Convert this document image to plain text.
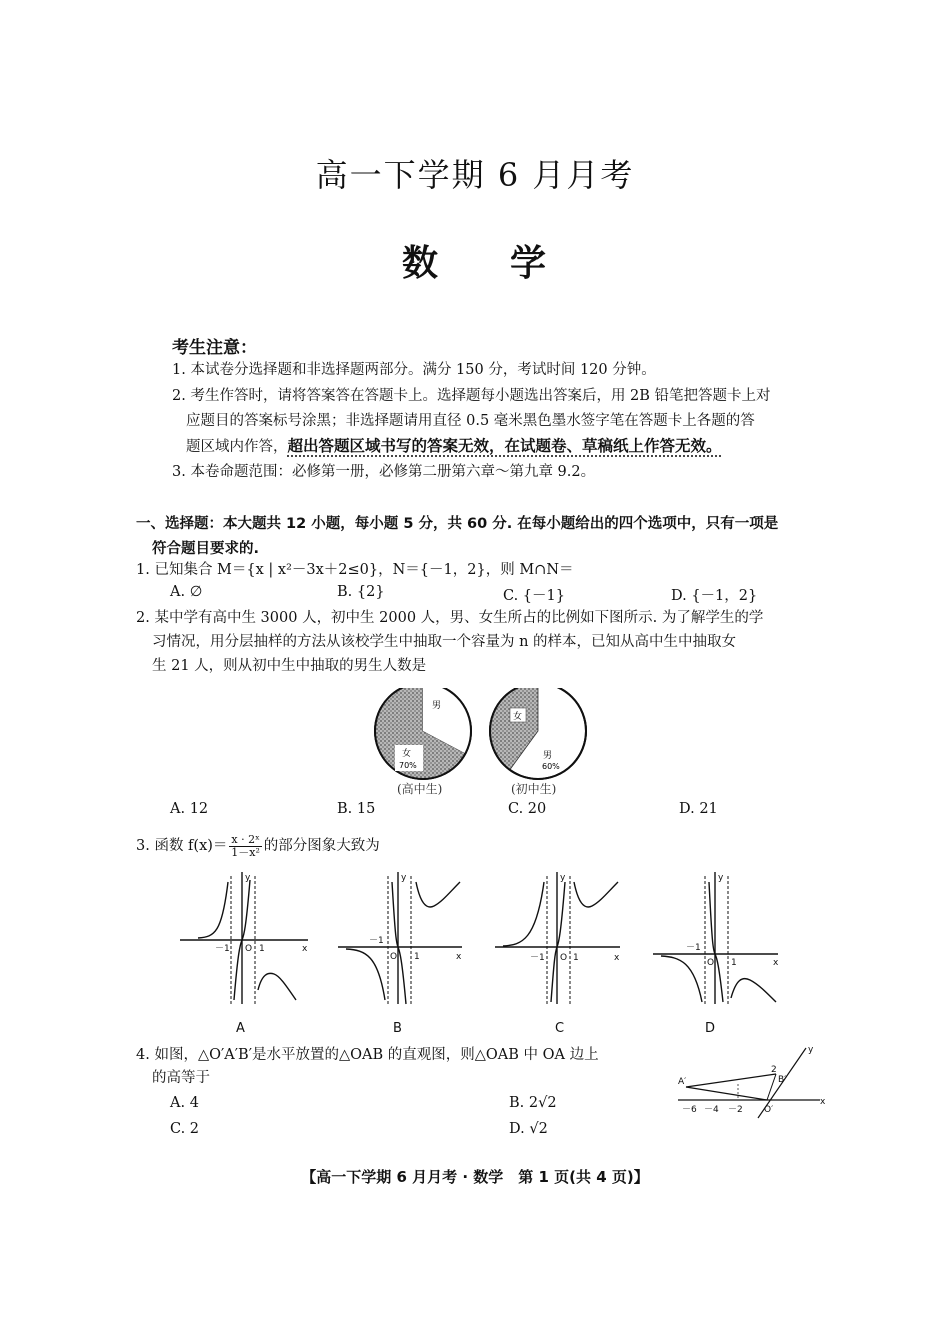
高一下学期 6 月月考
数 学
考生注意：
1. 本试卷分选择题和非选择题两部分。满分 150 分，考试时间 120 分钟。
2. 考生作答时，请将答案答在答题卡上。选择题每小题选出答案后，用 2B 铅笔把答题卡上对
应题目的答案标号涂黑；非选择题请用直径 0.5 毫米黑色墨水签字笔在答题卡上各题的答
题区域内作答，超出答题区域书写的答案无效，在试题卷、草稿纸上作答无效。
3. 本卷命题范围：必修第一册，必修第二册第六章～第九章 9.2。
一、选择题：本大题共 12 小题，每小题 5 分，共 60 分. 在每小题给出的四个选项中，只有一项是
符合题目要求的.
1. 已知集合 M＝{x | x²－3x＋2≤0}，N＝{－1，2}，则 M∩N＝
A. ∅	B. {2}	C. {－1}	D. {－1，2}
2. 某中学有高中生 3000 人，初中生 2000 人，男、女生所占的比例如下图所示. 为了解学生的学
习情况，用分层抽样的方法从该校学生中抽取一个容量为 n 的样本，已知从高中生中抽取女
生 21 人，则从初中生中抽取的男生人数是
男
女
70%
女
男
60%
(高中生)	(初中生)
A. 12	B. 15	C. 20	D. 21
3. 函数 $f(x)= \frac{\text{x · 2ˣ}}{\text{1－x²}}$ 的部分图象大致为
－1 O 1	x
y
－1
O 1	x
y
－1 O 1	x
y
－1
O 1	x
y
A	B	C	D
4. 如图，△O′A′B′是水平放置的△OAB 的直观图，则△OAB 中 OA 边上
的高等于
A. 4	B. 2√2
C. 2	D. √2
A′	B′
O′
2
y
x
－6 －4 －2
【高一下学期 6 月月考 · 数学　第 1 页(共 4 页)】
